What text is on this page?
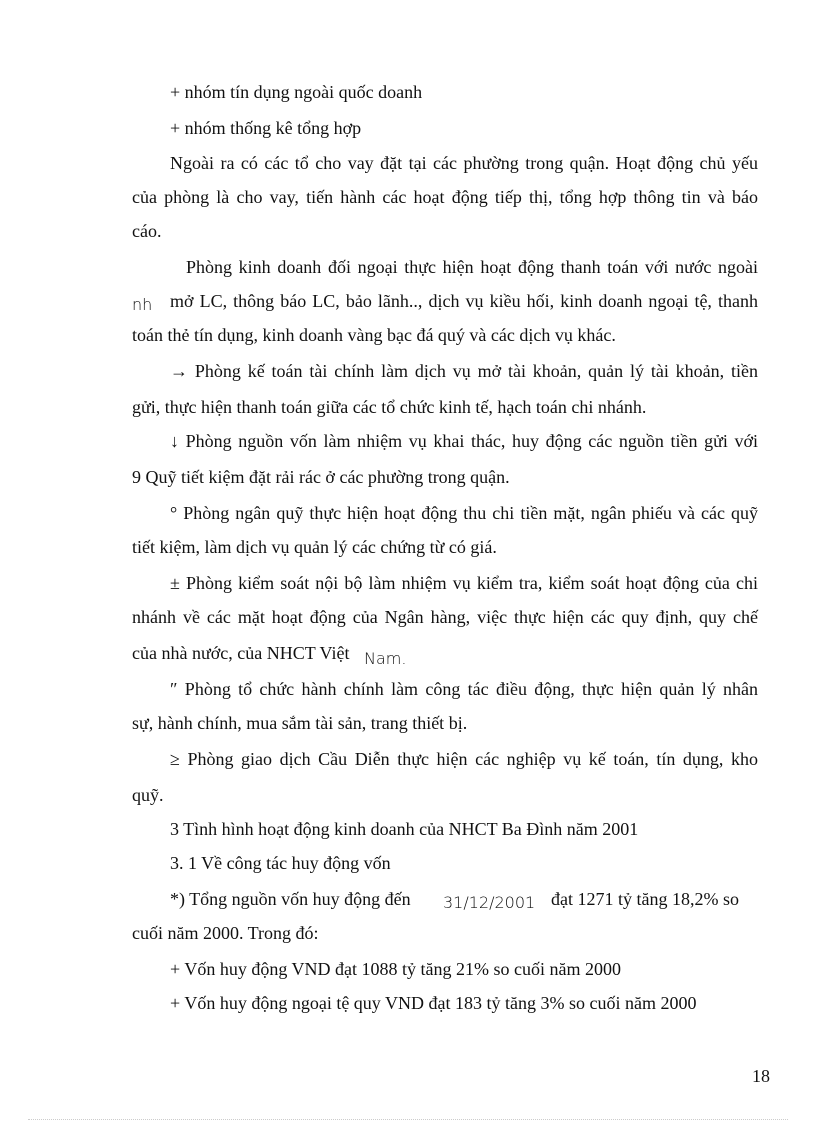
+ nhóm tín dụng ngoài quốc doanh
+ nhóm thống kê tổng hợp
Ngoài ra có các tổ cho vay đặt tại các phường trong quận. Hoạt động chủ yếu
của phòng là cho vay, tiến hành các hoạt động tiếp thị, tổng hợp thông tin và báo
cáo.
Phòng kinh doanh đối ngoại thực hiện hoạt động thanh toán với nước ngoài
nh mở LC, thông báo LC, bảo lãnh.., dịch vụ kiều hối, kinh doanh ngoại tệ, thanh
toán thẻ tín dụng, kinh doanh vàng bạc đá quý và các dịch vụ khác.
→ Phòng kế toán tài chính làm dịch vụ mở tài khoản, quản lý tài khoản, tiền
gửi, thực hiện thanh toán giữa các tổ chức kinh tế, hạch toán chi nhánh.
↓ Phòng nguồn vốn làm nhiệm vụ khai thác, huy động các nguồn tiền gửi với
9 Quỹ tiết kiệm đặt rải rác ở các phường trong quận.
° Phòng ngân quỹ thực hiện hoạt động thu chi tiền mặt, ngân phiếu và các quỹ
tiết kiệm, làm dịch vụ quản lý các chứng từ có giá.
± Phòng kiểm soát nội bộ làm nhiệm vụ kiểm tra, kiểm soát hoạt động của chi
nhánh về các mặt hoạt động của Ngân hàng, việc thực hiện các quy định, quy chế
của nhà nước, của NHCT Việt Nam.
″ Phòng tổ chức hành chính làm công tác điều động, thực hiện quản lý nhân
sự, hành chính, mua sắm tài sản, trang thiết bị.
≥ Phòng giao dịch Cầu Diễn thực hiện các nghiệp vụ kế toán, tín dụng, kho
quỹ.
3 Tình hình hoạt động kinh doanh của NHCT Ba Đình năm 2001
3. 1 Về công tác huy động vốn
*) Tổng nguồn vốn huy động đến 31/12/2001 đạt 1271 tỷ tăng 18,2% so
cuối năm 2000. Trong đó:
+ Vốn huy động VND đạt 1088 tỷ tăng 21% so cuối năm 2000
+ Vốn huy động ngoại tệ quy VND đạt 183 tỷ tăng 3% so cuối năm 2000
18
